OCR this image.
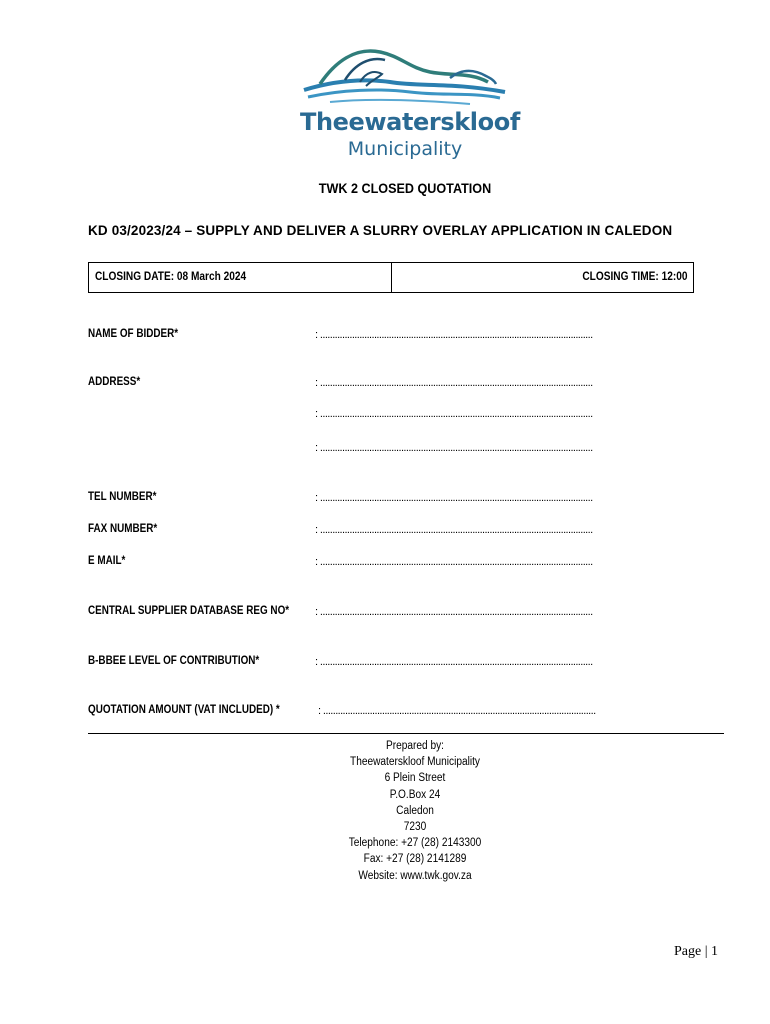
Theewaterskloof
Municipality
TWK 2 CLOSED QUOTATION
KD 03/2023/24 – SUPPLY AND DELIVER A SLURRY OVERLAY APPLICATION IN CALEDON
CLOSING DATE: 08 March 2024	CLOSING TIME: 12:00
NAME OF BIDDER*	: ...............................................................................................................
ADDRESS*	: ...............................................................................................................
: ...............................................................................................................
: ...............................................................................................................
TEL NUMBER*	: ...............................................................................................................
FAX NUMBER*	: ...............................................................................................................
E MAIL*	: ...............................................................................................................
CENTRAL SUPPLIER DATABASE REG NO* : ...............................................................................................................
B-BBEE LEVEL OF CONTRIBUTION*	: ...............................................................................................................
QUOTATION AMOUNT (VAT INCLUDED) *	: ...............................................................................................................
Prepared by:
Theewaterskloof Municipality
6 Plein Street
P.O.Box 24
Caledon
7230
Telephone: +27 (28) 2143300
Fax: +27 (28) 2141289
Website: www.twk.gov.za
Page | 1
